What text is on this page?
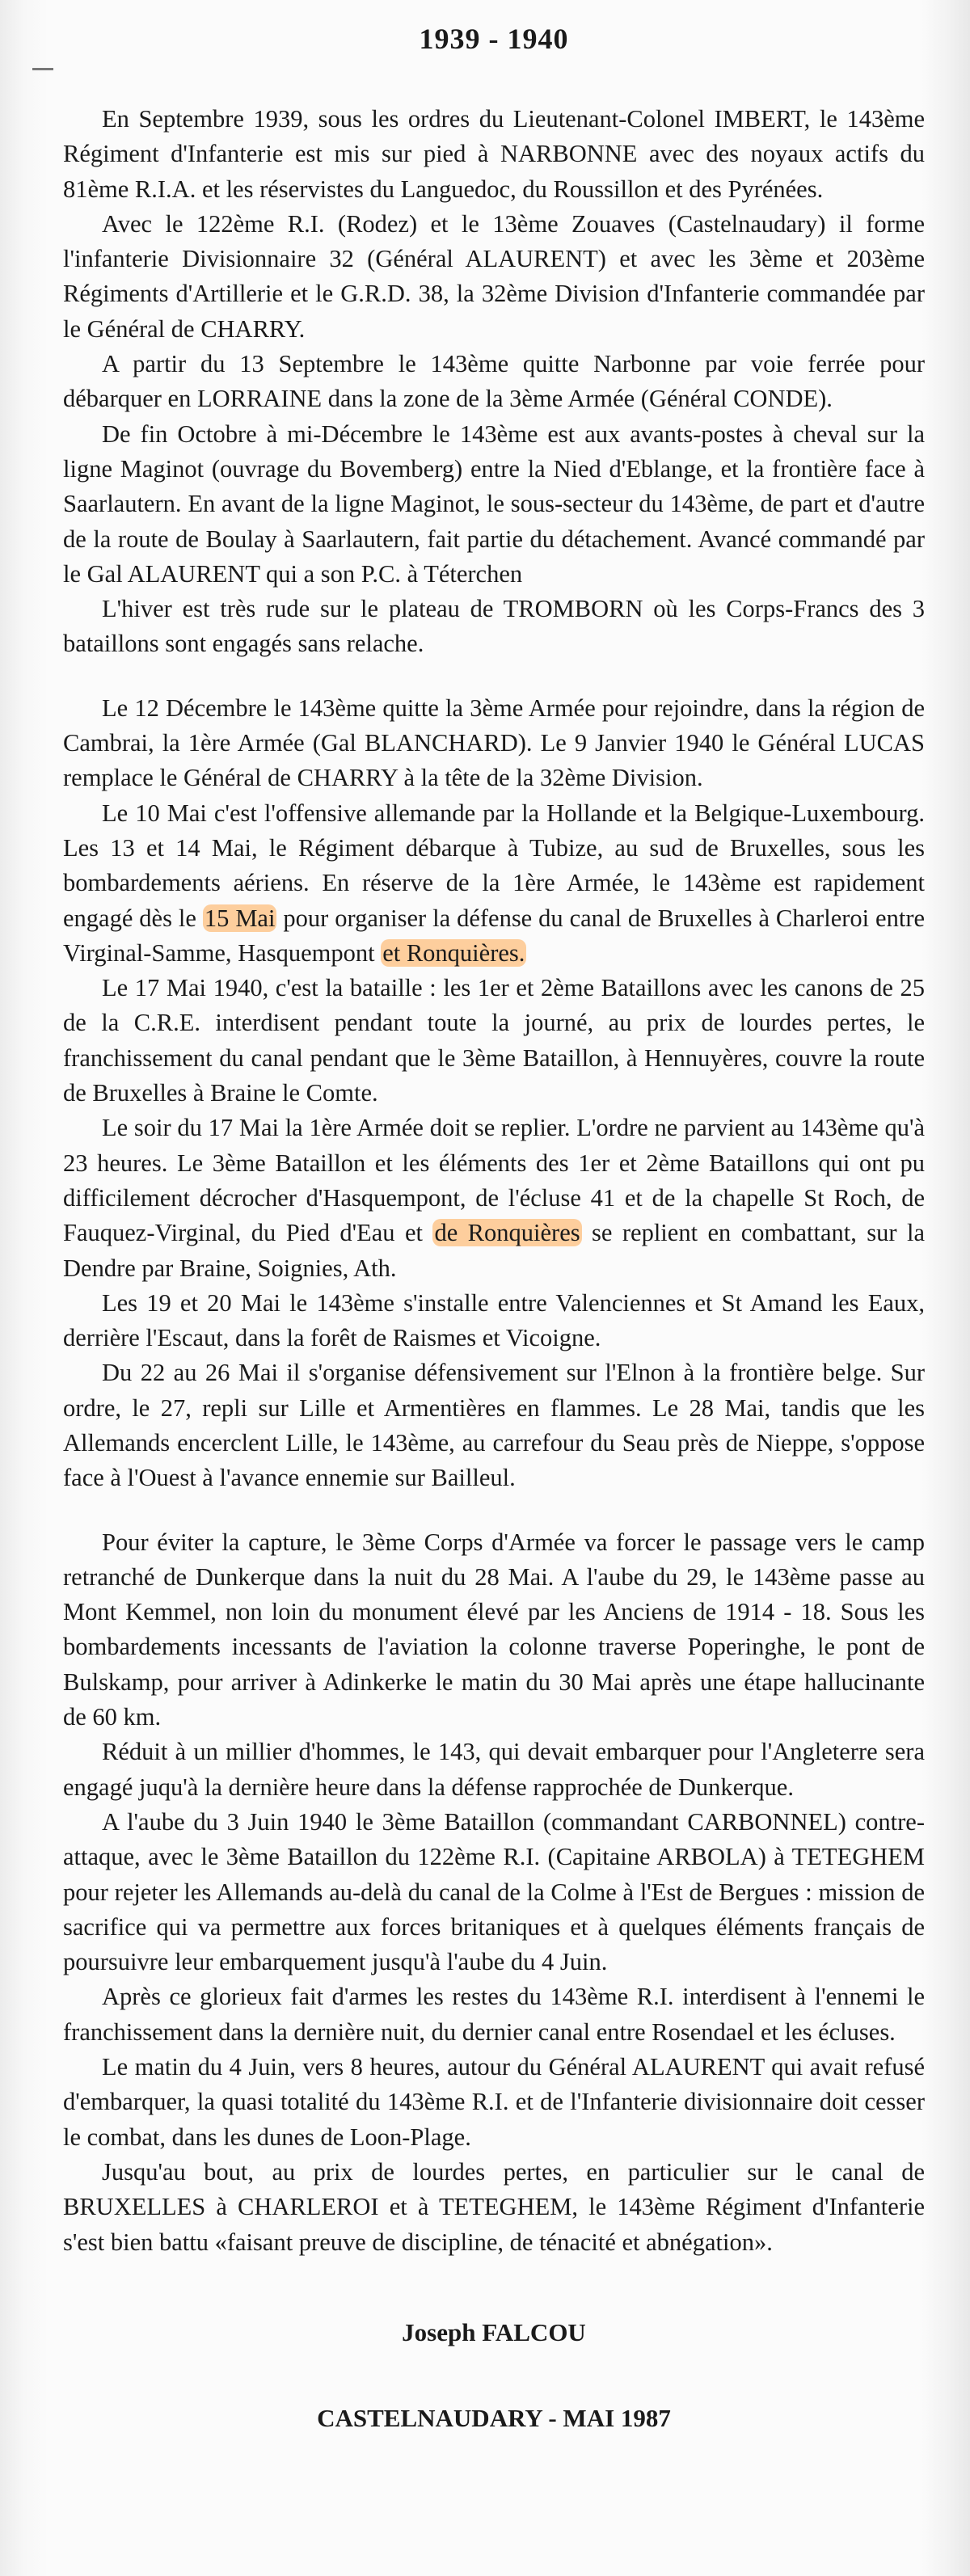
1939 - 1940

En Septembre 1939, sous les ordres du Lieutenant-Colonel IMBERT, le 143ème Régiment d'Infanterie est mis sur pied à NARBONNE avec des noyaux actifs du 81ème R.I.A. et les réservistes du Languedoc, du Roussillon et des Pyrénées.

Avec le 122ème R.I. (Rodez) et le 13ème Zouaves (Castelnaudary) il forme l'infanterie Divisionnaire 32 (Général ALAURENT) et avec les 3ème et 203ème Régiments d'Artillerie et le G.R.D. 38, la 32ème Division d'Infanterie commandée par le Général de CHARRY.

A partir du 13 Septembre le 143ème quitte Narbonne par voie ferrée pour débarquer en LORRAINE dans la zone de la 3ème Armée (Général CONDE).

De fin Octobre à mi-Décembre le 143ème est aux avants-postes à cheval sur la ligne Maginot (ouvrage du Bovemberg) entre la Nied d'Eblange, et la frontière face à Saarlautern. En avant de la ligne Maginot, le sous-secteur du 143ème, de part et d'autre de la route de Boulay à Saarlautern, fait partie du détachement. Avancé commandé par le Gal ALAURENT qui a son P.C. à Téterchen

L'hiver est très rude sur le plateau de TROMBORN où les Corps-Francs des 3 bataillons sont engagés sans relache.

Le 12 Décembre le 143ème quitte la 3ème Armée pour rejoindre, dans la région de Cambrai, la 1ère Armée (Gal BLANCHARD). Le 9 Janvier 1940 le Général LUCAS remplace le Général de CHARRY à la tête de la 32ème Division.

Le 10 Mai c'est l'offensive allemande par la Hollande et la Belgique-Luxembourg. Les 13 et 14 Mai, le Régiment débarque à Tubize, au sud de Bruxelles, sous les bombardements aériens. En réserve de la 1ère Armée, le 143ème est rapidement engagé dès le 15 Mai pour organiser la défense du canal de Bruxelles à Charleroi entre Virginal-Samme, Hasquempont et Ronquières.

Le 17 Mai 1940, c'est la bataille : les 1er et 2ème Bataillons avec les canons de 25 de la C.R.E. interdisent pendant toute la journé, au prix de lourdes pertes, le franchissement du canal pendant que le 3ème Bataillon, à Hennuyères, couvre la route de Bruxelles à Braine le Comte.

Le soir du 17 Mai la 1ère Armée doit se replier. L'ordre ne parvient au 143ème qu'à 23 heures. Le 3ème Bataillon et les éléments des 1er et 2ème Bataillons qui ont pu difficilement décrocher d'Hasquempont, de l'écluse 41 et de la chapelle St Roch, de Fauquez-Virginal, du Pied d'Eau et de Ronquières se replient en combattant, sur la Dendre par Braine, Soignies, Ath.

Les 19 et 20 Mai le 143ème s'installe entre Valenciennes et St Amand les Eaux, derrière l'Escaut, dans la forêt de Raismes et Vicoigne.

Du 22 au 26 Mai il s'organise défensivement sur l'Elnon à la frontière belge. Sur ordre, le 27, repli sur Lille et Armentières en flammes. Le 28 Mai, tandis que les Allemands encerclent Lille, le 143ème, au carrefour du Seau près de Nieppe, s'oppose face à l'Ouest à l'avance ennemie sur Bailleul.

Pour éviter la capture, le 3ème Corps d'Armée va forcer le passage vers le camp retranché de Dunkerque dans la nuit du 28 Mai. A l'aube du 29, le 143ème passe au Mont Kemmel, non loin du monument élevé par les Anciens de 1914 - 18. Sous les bombardements incessants de l'aviation la colonne traverse Poperinghe, le pont de Bulskamp, pour arriver à Adinkerke le matin du 30 Mai après une étape hallucinante de 60 km.

Réduit à un millier d'hommes, le 143, qui devait embarquer pour l'Angleterre sera engagé juqu'à la dernière heure dans la défense rapprochée de Dunkerque.

A l'aube du 3 Juin 1940 le 3ème Bataillon (commandant CARBONNEL) contre-attaque, avec le 3ème Bataillon du 122ème R.I. (Capitaine ARBOLA) à TETEGHEM pour rejeter les Allemands au-delà du canal de la Colme à l'Est de Bergues : mission de sacrifice qui va permettre aux forces britaniques et à quelques éléments français de poursuivre leur embarquement jusqu'à l'aube du 4 Juin.

Après ce glorieux fait d'armes les restes du 143ème R.I. interdisent à l'ennemi le franchissement dans la dernière nuit, du dernier canal entre Rosendael et les écluses.

Le matin du 4 Juin, vers 8 heures, autour du Général ALAURENT qui avait refusé d'embarquer, la quasi totalité du 143ème R.I. et de l'Infanterie divisionnaire doit cesser le combat, dans les dunes de Loon-Plage.

Jusqu'au bout, au prix de lourdes pertes, en particulier sur le canal de BRUXELLES à CHARLEROI et à TETEGHEM, le 143ème Régiment d'Infanterie s'est bien battu «faisant preuve de discipline, de ténacité et abnégation».

Joseph FALCOU
CASTELNAUDARY - MAI 1987
